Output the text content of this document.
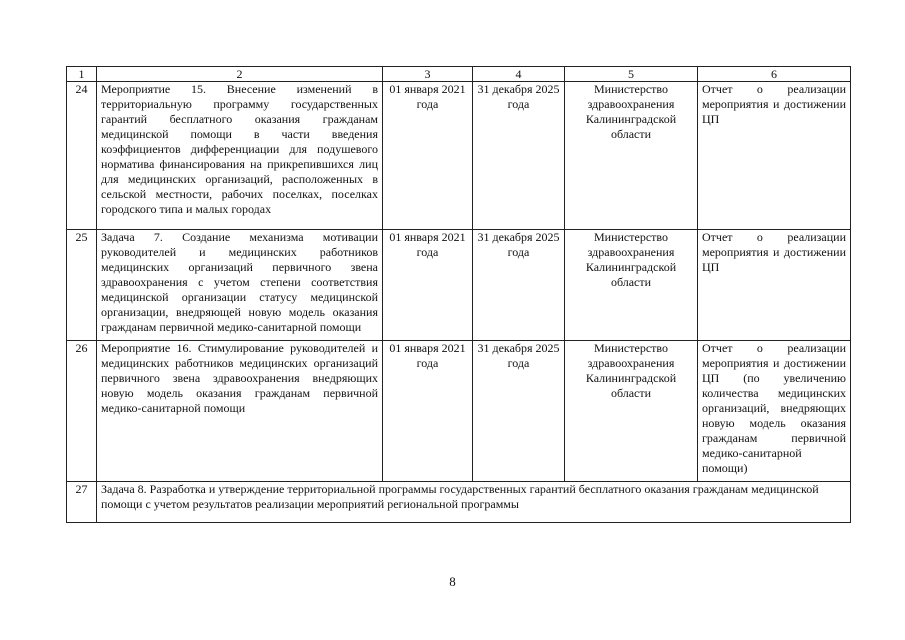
1	2	3	4	5	6
24	Мероприятие 15. Внесение изменений в территориальную программу государственных гарантий бесплатного оказания гражданам медицинской помощи в части введения коэффициентов дифференциации для подушевого норматива финансирования на прикрепившихся лиц для медицинских организаций, расположенных в сельской местности, рабочих поселках, поселках городского типа и малых городах	01 января 2021 года	31 декабря 2025 года	Министерство здравоохранения Калининградской области	Отчет о реализации мероприятия и достижении ЦП
25	Задача 7. Создание механизма мотивации руководителей и медицинских работников медицинских организаций первичного звена здравоохранения с учетом степени соответствия медицинской организации статусу медицинской организации, внедряющей новую модель оказания гражданам первичной медико-санитарной помощи	01 января 2021 года	31 декабря 2025 года	Министерство здравоохранения Калининградской области	Отчет о реализации мероприятия и достижении ЦП
26	Мероприятие 16. Стимулирование руководителей и медицинских работников медицинских организаций первичного звена здравоохранения внедряющих новую модель оказания гражданам первичной медико-санитарной помощи	01 января 2021 года	31 декабря 2025 года	Министерство здравоохранения Калининградской области	Отчет о реализации мероприятия и достижении ЦП (по увеличению количества медицинских организаций, внедряющих новую модель оказания гражданам первичной медико-санитарной помощи)
27	Задача 8. Разработка и утверждение территориальной программы государственных гарантий бесплатного оказания гражданам медицинской помощи с учетом результатов реализации мероприятий региональной программы				
8
